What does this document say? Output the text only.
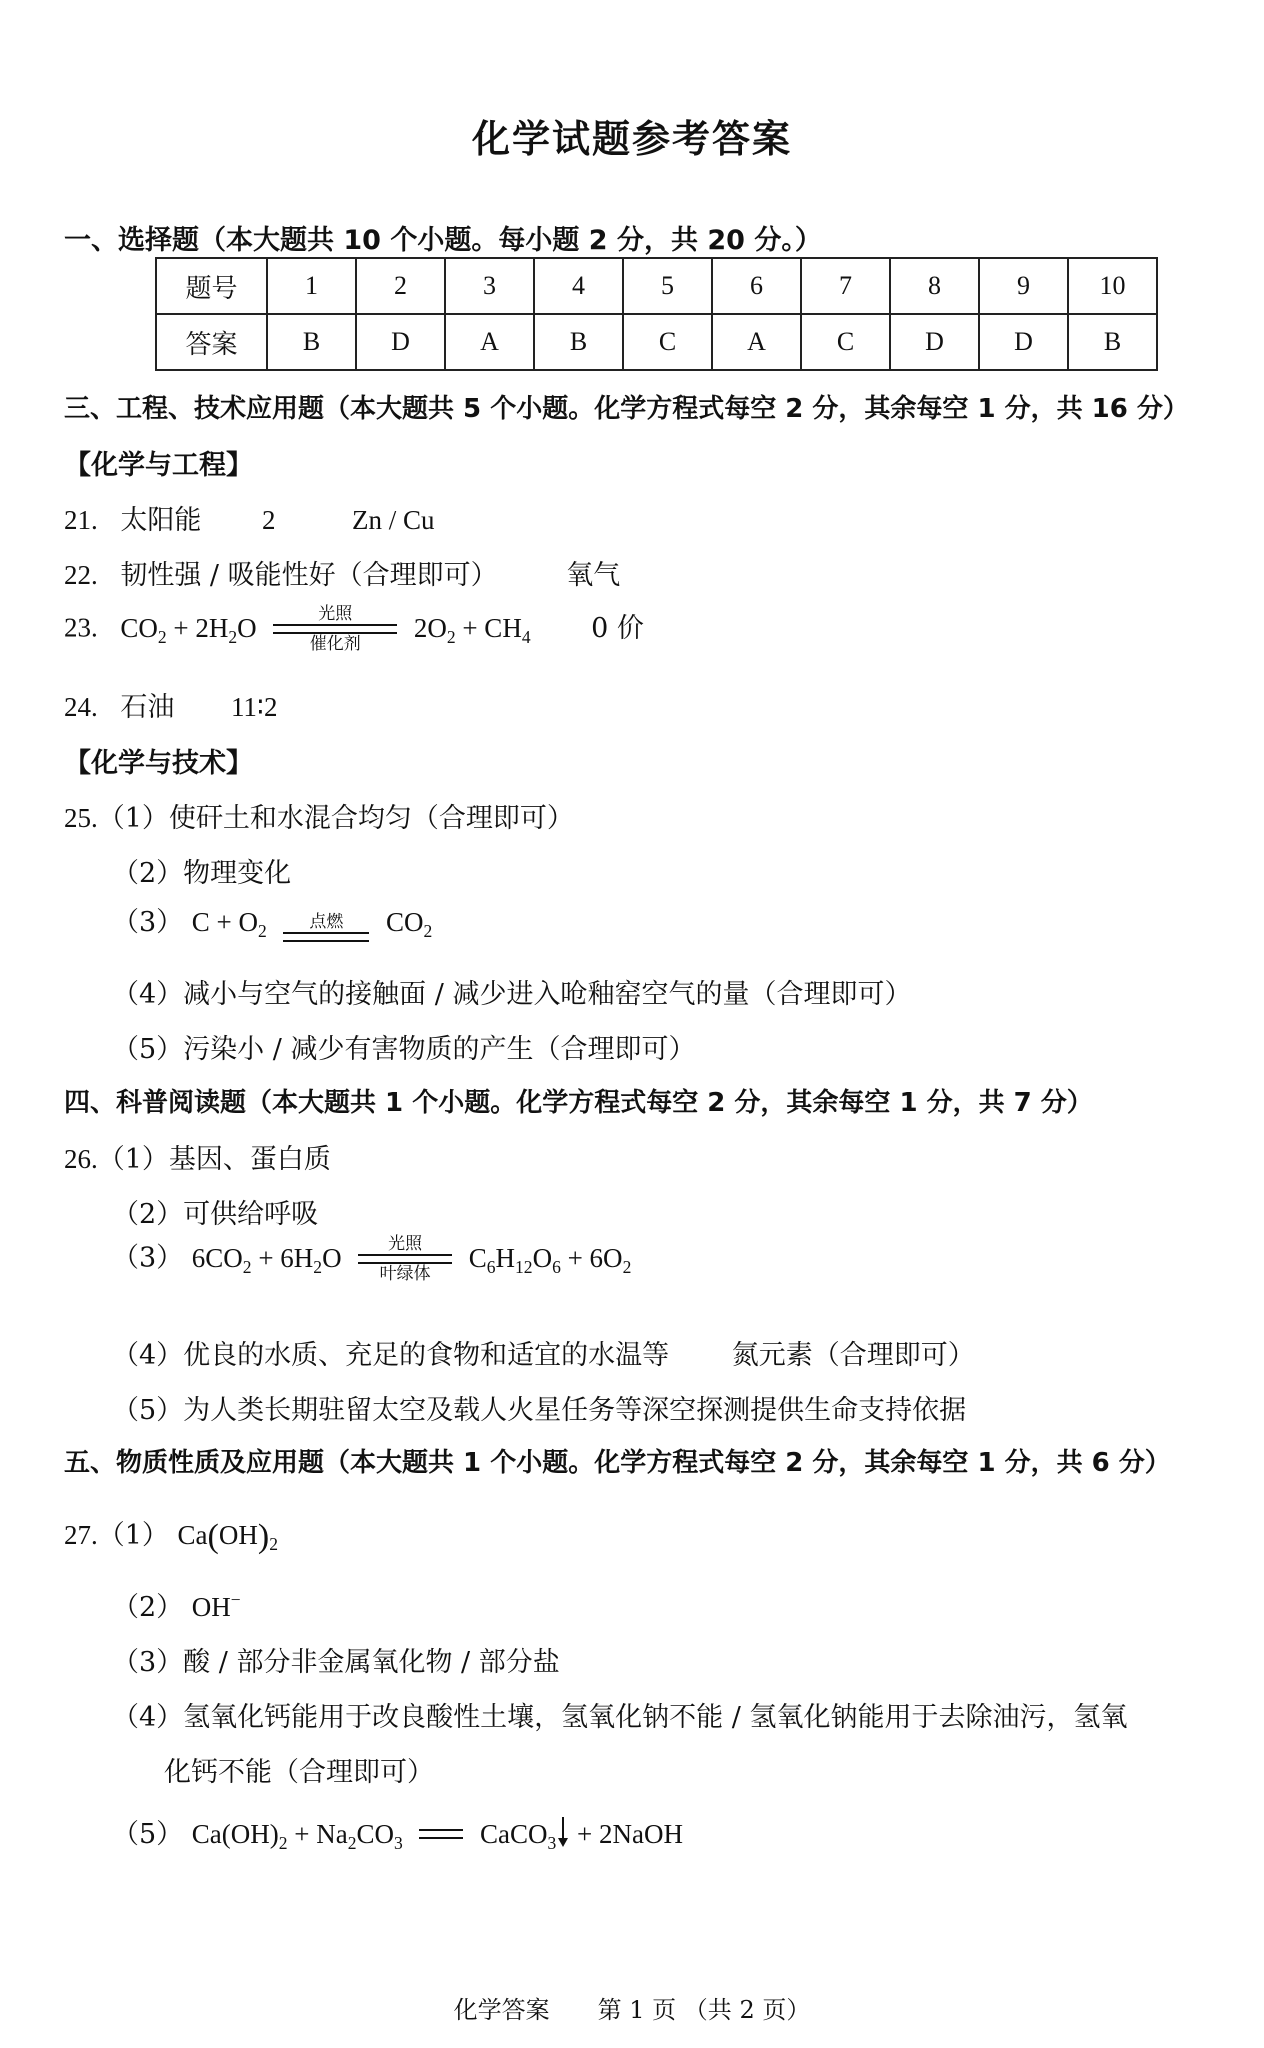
化学试题参考答案
一、选择题（本大题共 10 个小题。每小题 2 分，共 20 分。）
题号	1	2	3	4	5	6	7	8	9	10
答案	B	D	A	B	C	A	C	D	D	B
三、工程、技术应用题（本大题共 5 个小题。化学方程式每空 2 分，其余每空 1 分，共 16 分）
【化学与工程】
21. 太阳能 2	Zn / Cu
22. 韧性强 / 吸能性好（合理即可）	氧气
23. $CO_2 + 2H_2O$	光照
催化剂
$2O_2 + CH_4$ 0 价
24. 石油 11∶2
【化学与技术】
25.（1）使矸土和水混合均匀（合理即可）
（2）物理变化
（3） $C + O_2$	点燃	$CO_2$
（4）减小与空气的接触面 / 减少进入呛釉窑空气的量（合理即可）
（5）污染小 / 减少有害物质的产生（合理即可）
四、科普阅读题（本大题共 1 个小题。化学方程式每空 2 分，其余每空 1 分，共 7 分）
26.（1）基因、蛋白质
（2）可供给呼吸
（3） $6CO_2 + 6H_2O$	光照
叶绿体
$C_6H_{12}O_6 + 6O_2$
（4）优良的水质、充足的食物和适宜的水温等 氮元素（合理即可）
（5）为人类长期驻留太空及载人火星任务等深空探测提供生命支持依据
五、物质性质及应用题（本大题共 1 个小题。化学方程式每空 2 分，其余每空 1 分，共 6 分）
27.（1） $Ca(OH)_2$
（2） OH−
（3）酸 / 部分非金属氧化物 / 部分盐
（4）氢氧化钙能用于改良酸性土壤，氢氧化钠不能 / 氢氧化钠能用于去除油污，氢氧
化钙不能（合理即可）
（5） $Ca(OH)_2 + Na_2CO_3$	CaCO$_3$ + 2NaOH
化学答案　　第 1 页 （共 2 页）
